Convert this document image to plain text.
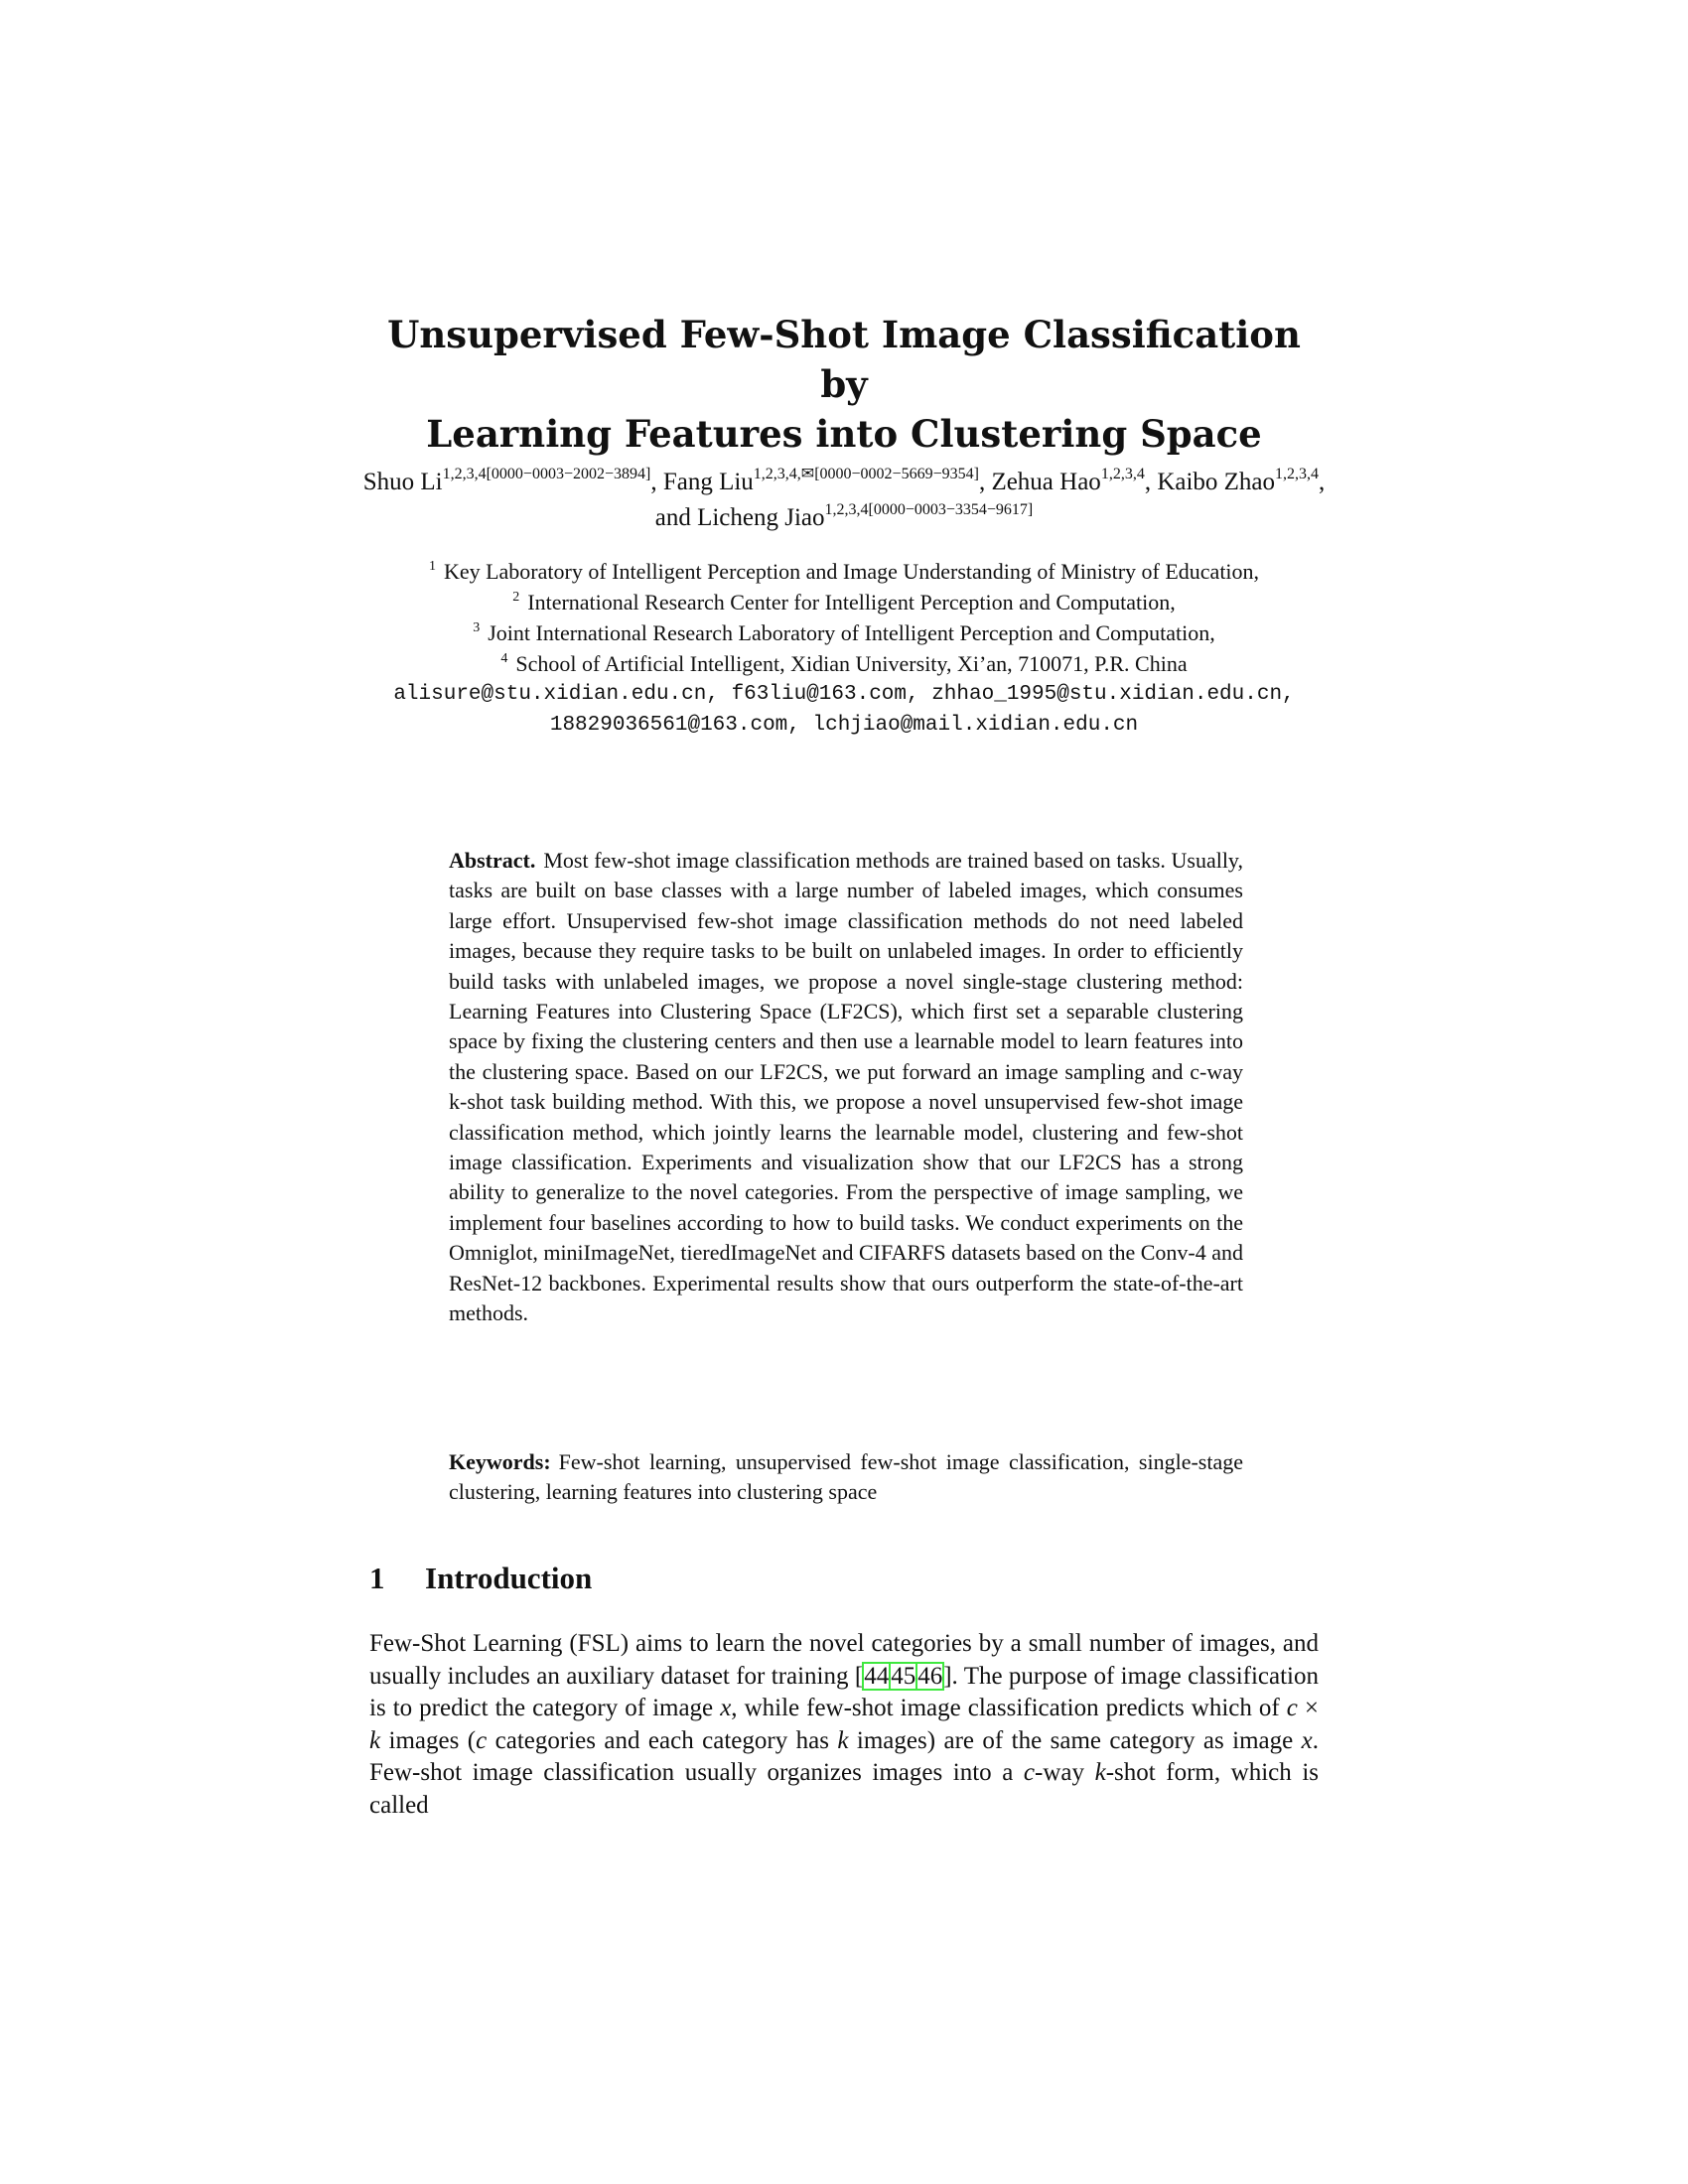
Unsupervised Few-Shot Image Classification by
Learning Features into Clustering Space
Shuo $Li^{1,2,3,4[0000-0003-2002-3894]}$, Fang Liu$^{1,2,3,4,✉[0000-0002-5669-9354]}$, Zehua Hao$^{1,2,3,4}$, Kaibo Zhao$^{1,2,3,4}$, and Licheng Jiao$^{1,2,3,4[0000-0003-3354-9617]}$
$^1$ Key Laboratory of Intelligent Perception and Image Understanding of Ministry of Education,
$^2$ International Research Center for Intelligent Perception and Computation,
$^3$ Joint International Research Laboratory of Intelligent Perception and Computation,
$^4$ School of Artificial Intelligent, Xidian University, Xi’an, 710071, P.R. China
alisure@stu.xidian.edu.cn, f63liu@163.com, zhhao_1995@stu.xidian.edu.cn,
18829036561@163.com, lchjiao@mail.xidian.edu.cn
Abstract. Most few-shot image classification methods are trained based on tasks. Usually, tasks are built on base classes with a large number of labeled images, which consumes large effort. Unsupervised few-shot image classification methods do not need labeled images, because they require tasks to be built on unlabeled images. In order to efficiently build tasks with unlabeled images, we propose a novel single-stage clustering method: Learning Features into Clustering Space (LF2CS), which first set a separable clustering space by fixing the clustering centers and then use a learnable model to learn features into the clustering space. Based on our LF2CS, we put forward an image sampling and c-way k-shot task building method. With this, we propose a novel unsupervised few-shot image classification method, which jointly learns the learnable model, clustering and few-shot image classification. Experiments and visualization show that our LF2CS has a strong ability to generalize to the novel categories. From the perspective of image sampling, we implement four baselines according to how to build tasks. We conduct experiments on the Omniglot, miniImageNet, tieredImageNet and CIFARFS datasets based on the Conv-4 and ResNet-12 backbones. Experimental results show that ours outperform the state-of-the-art methods.
Keywords: Few-shot learning, unsupervised few-shot image classification, single-stage clustering, learning features into clustering space
1 Introduction
Few-Shot Learning (FSL) aims to learn the novel categories by a small number of images, and usually includes an auxiliary dataset for training [444546]. The purpose of image classification is to predict the category of image x, while few-shot image classification predicts which of c × k images (c categories and each category has k images) are of the same category as image x. Few-shot image classification usually organizes images into a c-way k-shot form, which is called
